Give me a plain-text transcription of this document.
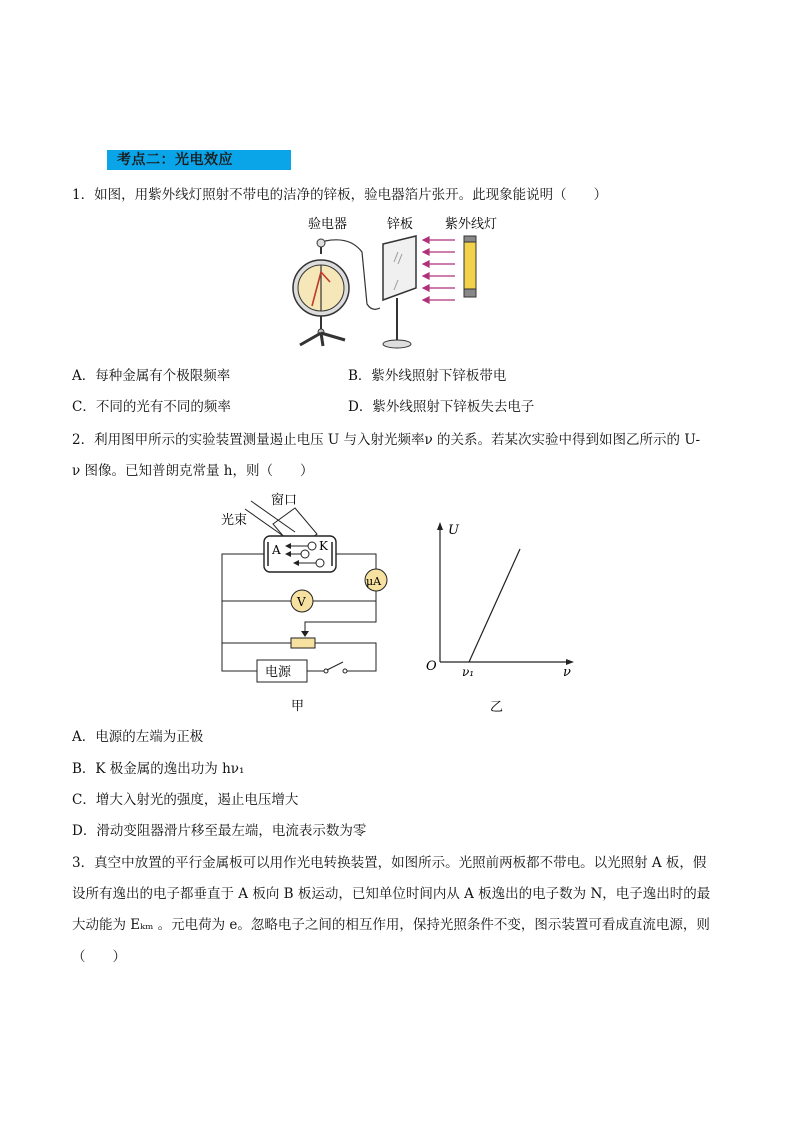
考点二：光电效应
1．如图，用紫外线灯照射不带电的洁净的锌板，验电器箔片张开。此现象能说明（　　）
验电器	锌板 紫外线灯
A．每种金属有个极限频率	B．紫外线照射下锌板带电
C．不同的光有不同的频率	D．紫外线照射下锌板失去电子
2．利用图甲所示的实验装置测量遏止电压 U 与入射光频率ν 的关系。若某次实验中得到如图乙所示的 U-
ν 图像。已知普朗克常量 h，则（　　）
窗口
光束
A	K
μA
V
电源
甲
U
O ν₁	ν
乙
A．电源的左端为正极
B．K 极金属的逸出功为 hν₁
C．增大入射光的强度，遏止电压增大
D．滑动变阻器滑片移至最左端，电流表示数为零
3．真空中放置的平行金属板可以用作光电转换装置，如图所示。光照前两板都不带电。以光照射 A 板，假
设所有逸出的电子都垂直于 A 板向 B 板运动，已知单位时间内从 A 板逸出的电子数为 N，电子逸出时的最
大动能为 Eₖₘ 。元电荷为 e。忽略电子之间的相互作用，保持光照条件不变，图示装置可看成直流电源，则
（　　）
